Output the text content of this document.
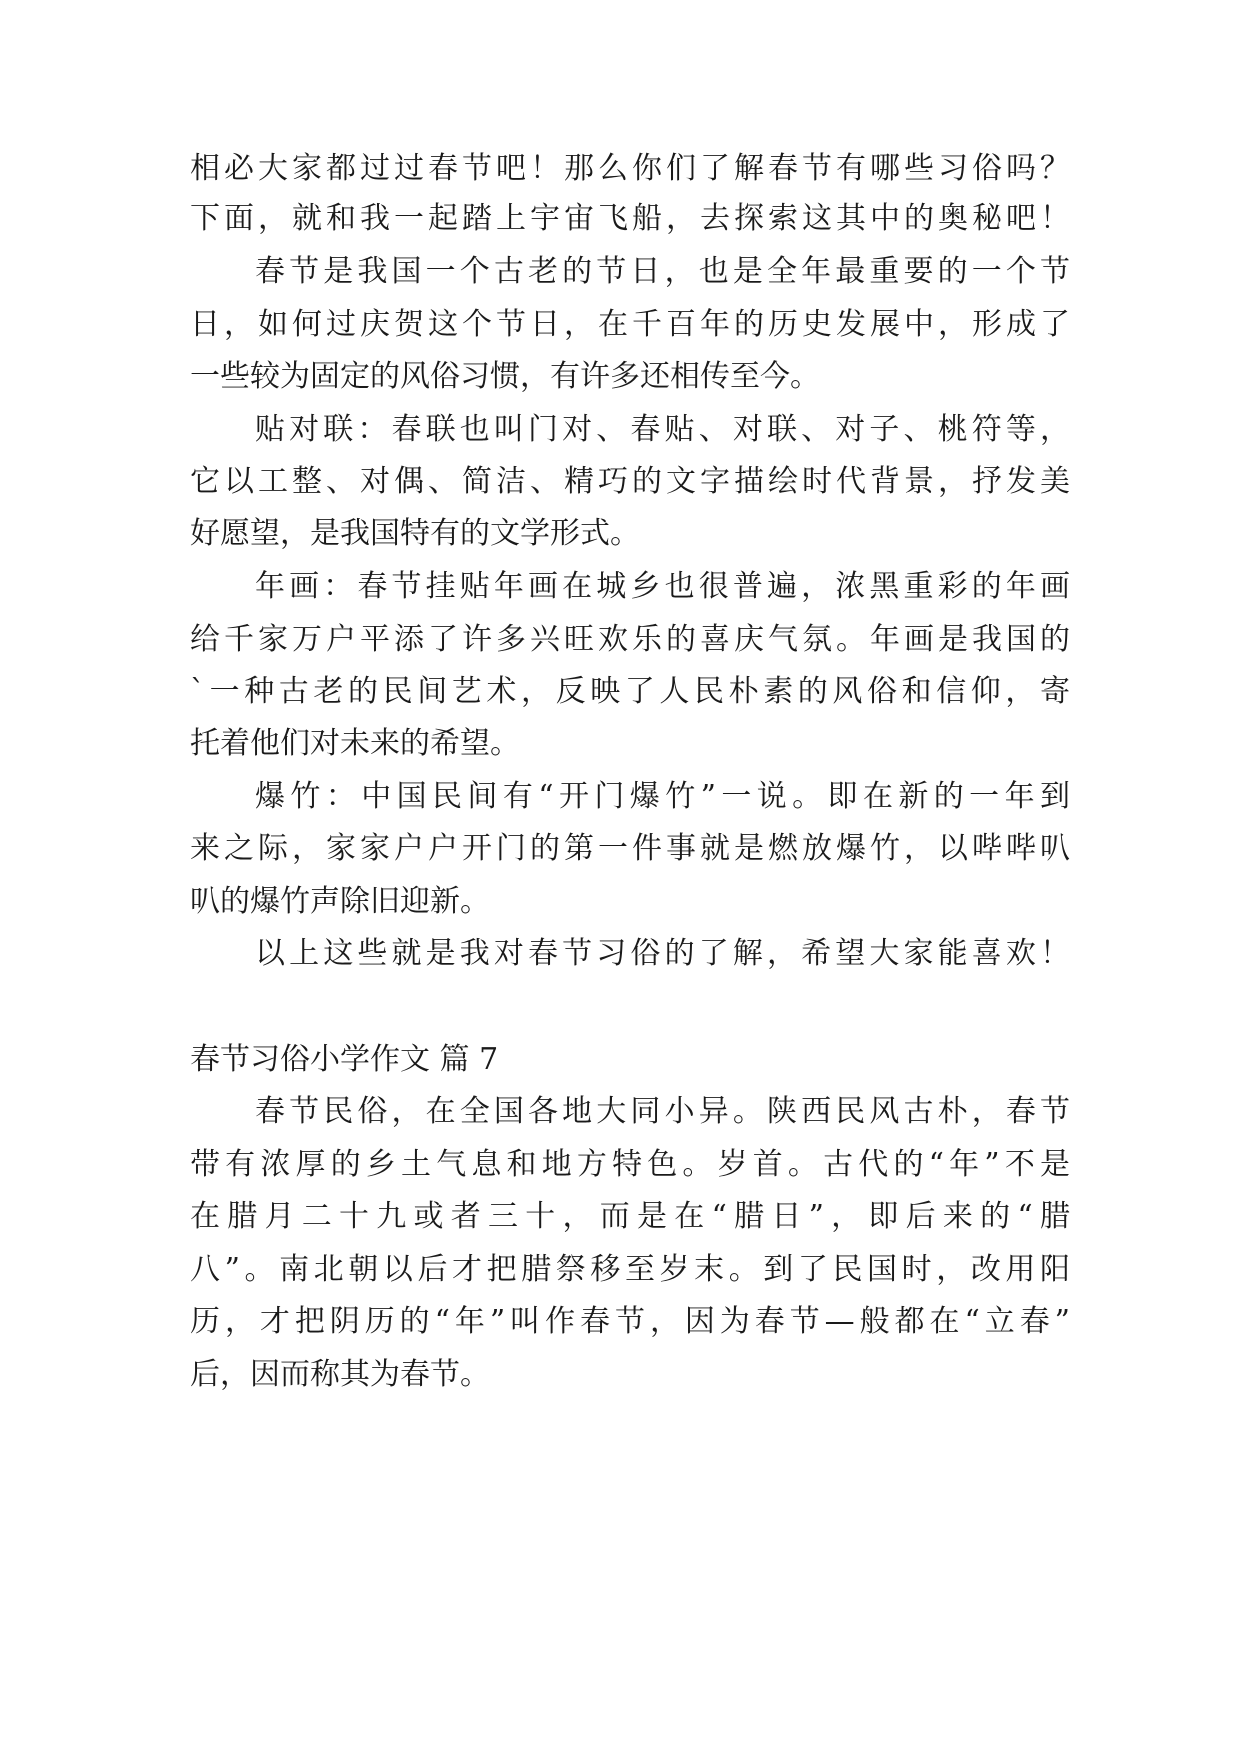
相必大家都过过春节吧！那么你们了解春节有哪些习俗吗？
下面，就和我一起踏上宇宙飞船，去探索这其中的奥秘吧！
春节是我国一个古老的节日，也是全年最重要的一个节
日，如何过庆贺这个节日，在千百年的历史发展中，形成了
一些较为固定的风俗习惯，有许多还相传至今。
贴对联：春联也叫门对、春贴、对联、对子、桃符等，
它以工整、对偶、简洁、精巧的文字描绘时代背景，抒发美
好愿望，是我国特有的文学形式。
年画：春节挂贴年画在城乡也很普遍，浓黑重彩的年画
给千家万户平添了许多兴旺欢乐的喜庆气氛。年画是我国的
`一种古老的民间艺术，反映了人民朴素的风俗和信仰，寄
托着他们对未来的希望。
爆竹：中国民间有“开门爆竹”一说。即在新的一年到
来之际，家家户户开门的第一件事就是燃放爆竹，以哔哔叭
叭的爆竹声除旧迎新。
以上这些就是我对春节习俗的了解，希望大家能喜欢！
春节习俗小学作文 篇 7
春节民俗，在全国各地大同小异。陕西民风古朴，春节
带有浓厚的乡土气息和地方特色。岁首。古代的“年”不是
在腊月二十九或者三十，而是在“腊日”，即后来的“腊
八”。南北朝以后才把腊祭移至岁末。到了民国时，改用阳
历，才把阴历的“年”叫作春节，因为春节—般都在“立春”
后，因而称其为春节。
